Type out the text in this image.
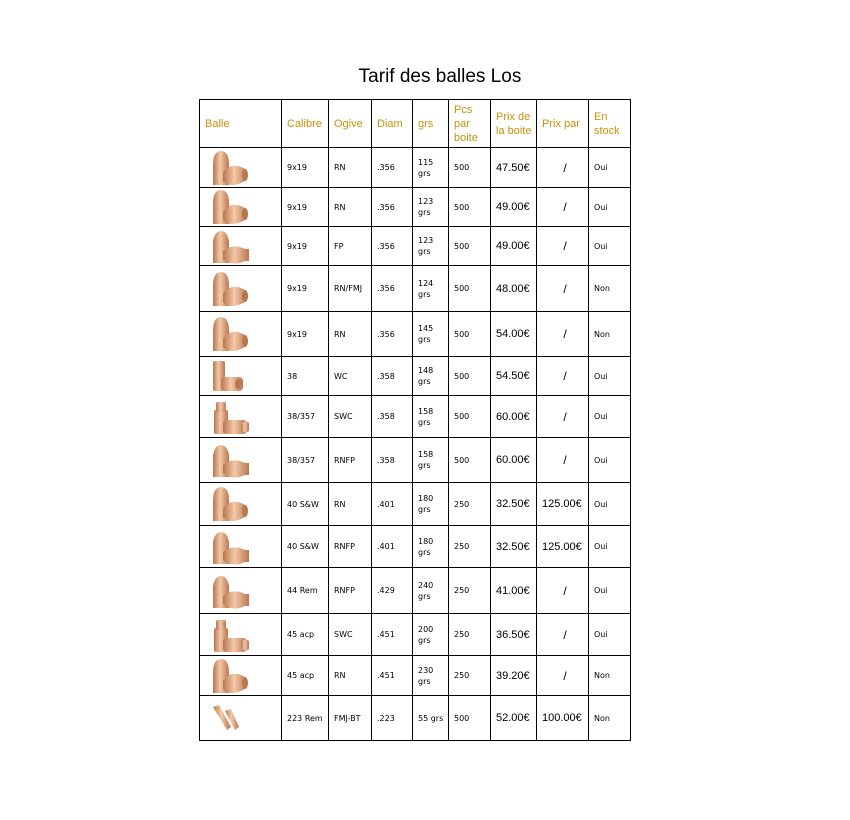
Tarif des balles Los
Balle	Calibre	Ogive	Diam	grs	Pcs par boite	Prix de la boite	Prix par	En stock

	9x19	RN	.356	115 grs	500	47.50€	/	Oui

	9x19	RN	.356	123 grs	500	49.00€	/	Oui

	9x19	FP	.356	123 grs	500	49.00€	/	Oui

	9x19	RN/FMJ	.356	124 grs	500	48.00€	/	Non

	9x19	RN	.356	145 grs	500	54.00€	/	Non

	38	WC	.358	148 grs	500	54.50€	/	Oui

	38/357	SWC	.358	158 grs	500	60.00€	/	Oui

	38/357	RNFP	.358	158 grs	500	60.00€	/	Oui

	40 S&W	RN	.401	180 grs	250	32.50€	125.00€	Oui

	40 S&W	RNFP	.401	180 grs	250	32.50€	125.00€	Oui

	44 Rem	RNFP	.429	240 grs	250	41.00€	/	Oui

	45 acp	SWC	.451	200 grs	250	36.50€	/	Oui

	45 acp	RN	.451	230 grs	250	39.20€	/	Non

	223 Rem	FMJ-BT	.223	55 grs	500	52.00€	100.00€	Non
